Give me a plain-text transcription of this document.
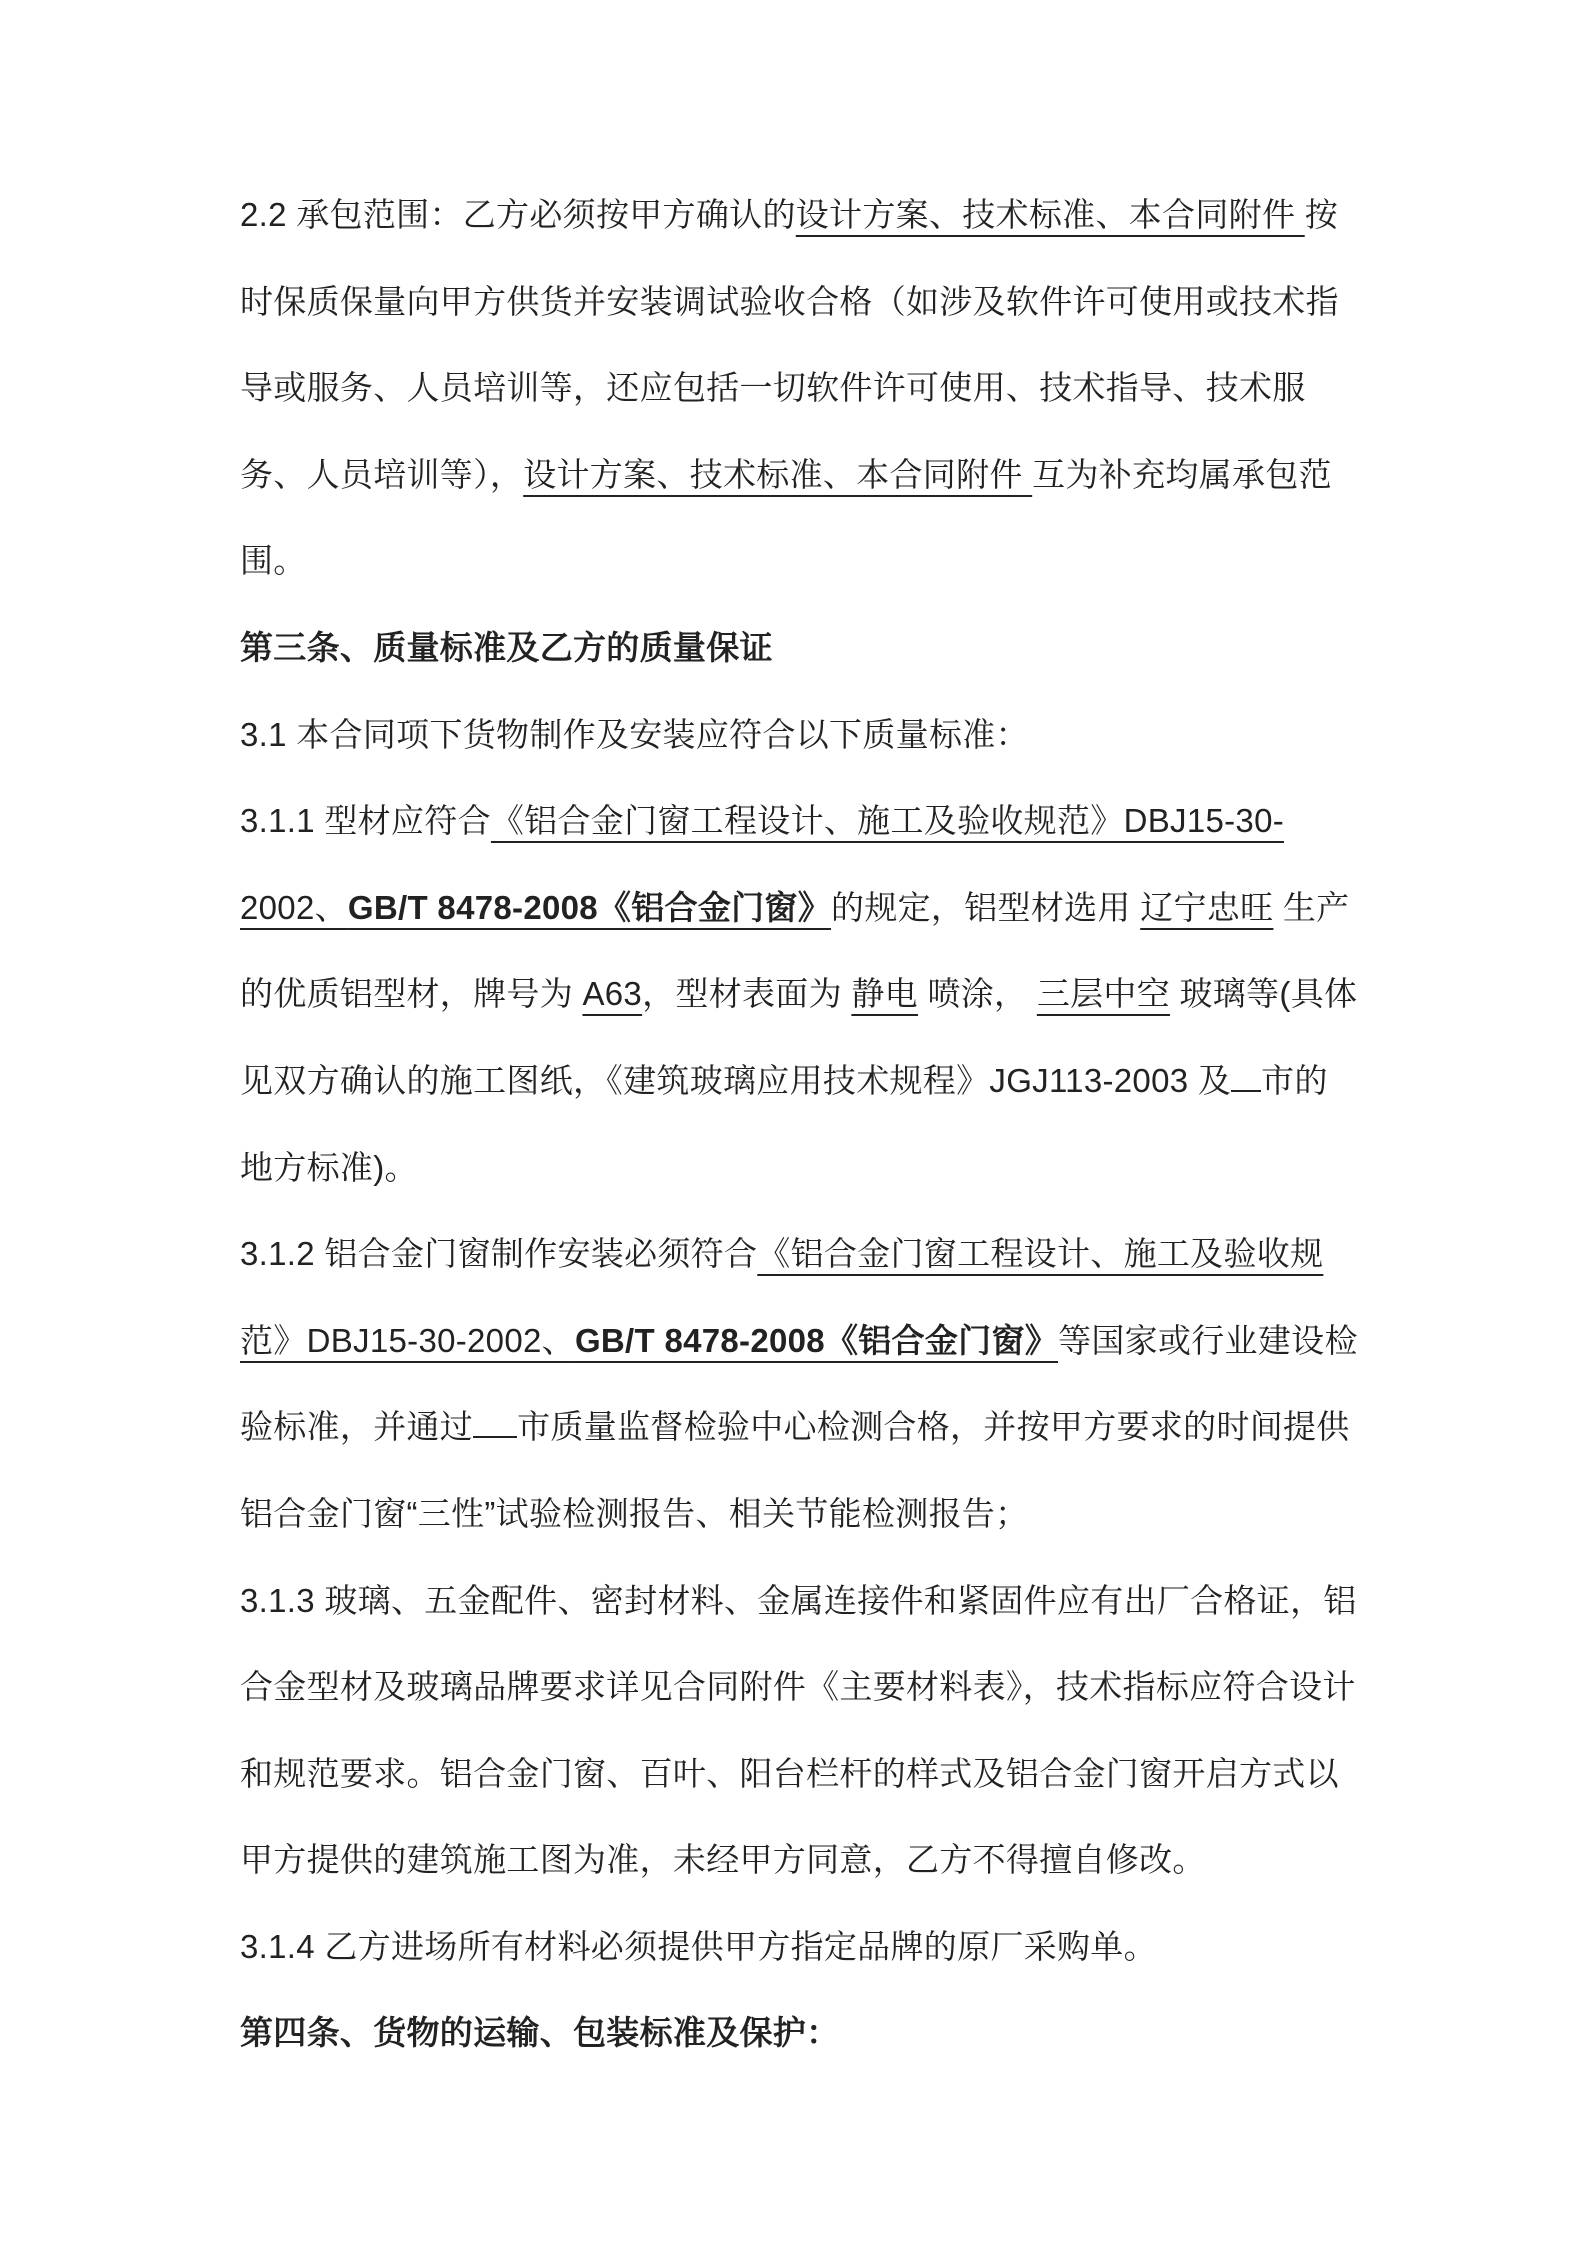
2.2 承包范围：乙方必须按甲方确认的设计方案、技术标准、本合同附件 按时保质保量向甲方供货并安装调试验收合格（如涉及软件许可使用或技术指导或服务、人员培训等，还应包括一切软件许可使用、技术指导、技术服务、人员培训等），设计方案、技术标准、本合同附件 互为补充均属承包范围。

第三条、质量标准及乙方的质量保证

3.1 本合同项下货物制作及安装应符合以下质量标准：

3.1.1 型材应符合《铝合金门窗工程设计、施工及验收规范》DBJ15-30-2002、GB/T 8478-2008《铝合金门窗》的规定，铝型材选用 辽宁忠旺 生产的优质铝型材，牌号为 A63，型材表面为 静电 喷涂， 三层中空 玻璃等(具体见双方确认的施工图纸，《建筑玻璃应用技术规程》JGJ113-2003 及 市的地方标准)。

3.1.2 铝合金门窗制作安装必须符合《铝合金门窗工程设计、施工及验收规范》DBJ15-30-2002、GB/T 8478-2008《铝合金门窗》等国家或行业建设检验标准，并通过 市质量监督检验中心检测合格，并按甲方要求的时间提供铝合金门窗“三性”试验检测报告、相关节能检测报告；

3.1.3 玻璃、五金配件、密封材料、金属连接件和紧固件应有出厂合格证，铝合金型材及玻璃品牌要求详见合同附件《主要材料表》，技术指标应符合设计和规范要求。铝合金门窗、百叶、阳台栏杆的样式及铝合金门窗开启方式以甲方提供的建筑施工图为准，未经甲方同意，乙方不得擅自修改。

3.1.4 乙方进场所有材料必须提供甲方指定品牌的原厂采购单。

第四条、货物的运输、包装标准及保护：
